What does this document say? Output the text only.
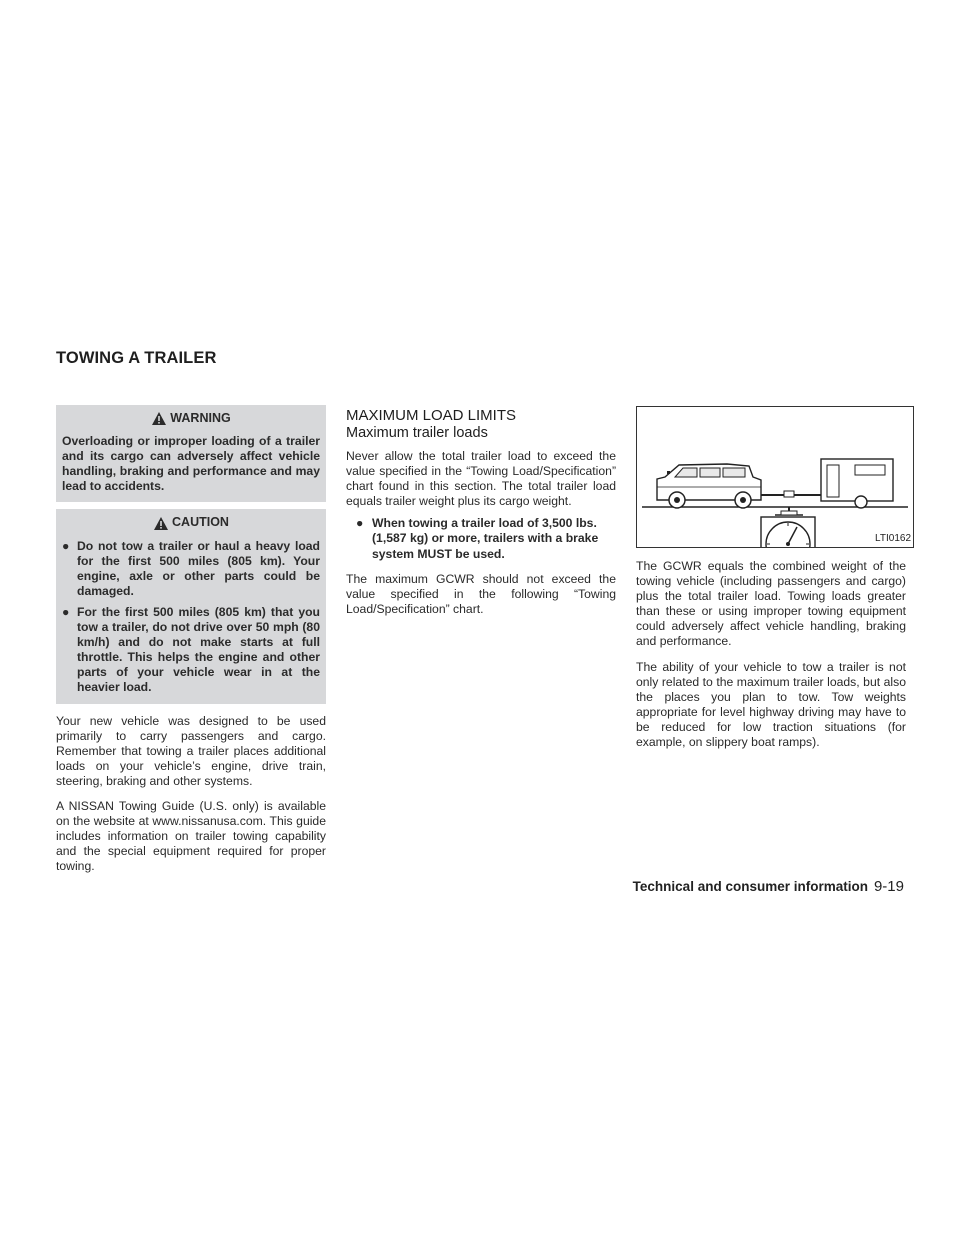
TOWING A TRAILER
WARNING

Overloading or improper loading of a trailer and its cargo can adversely affect vehicle handling, braking and performance and may lead to accidents.

CAUTION
● Do not tow a trailer or haul a heavy load for the first 500 miles (805 km). Your engine, axle or other parts could be damaged.
● For the first 500 miles (805 km) that you tow a trailer, do not drive over 50 mph (80 km/h) and do not make starts at full throttle. This helps the engine and other parts of your vehicle wear in at the heavier load.

Your new vehicle was designed to be used primarily to carry passengers and cargo. Remember that towing a trailer places additional loads on your vehicle’s engine, drive train, steering, braking and other systems.

A NISSAN Towing Guide (U.S. only) is available on the website at www.nissanusa.com. This guide includes information on trailer towing capability and the special equipment required for proper towing.

MAXIMUM LOAD LIMITS
Maximum trailer loads

Never allow the total trailer load to exceed the value specified in the “Towing Load/Specification” chart found in this section. The total trailer load equals trailer weight plus its cargo weight.

● When towing a trailer load of 3,500 lbs. (1,587 kg) or more, trailers with a brake system MUST be used.

The maximum GCWR should not exceed the value specified in the following “Towing Load/Specification” chart.

LTI0162

The GCWR equals the combined weight of the towing vehicle (including passengers and cargo) plus the total trailer load. Towing loads greater than these or using improper towing equipment could adversely affect vehicle handling, braking and performance.

The ability of your vehicle to tow a trailer is not only related to the maximum trailer loads, but also the places you plan to tow. Tow weights appropriate for level highway driving may have to be reduced for low traction situations (for example, on slippery boat ramps).

Technical and consumer information 9-19
